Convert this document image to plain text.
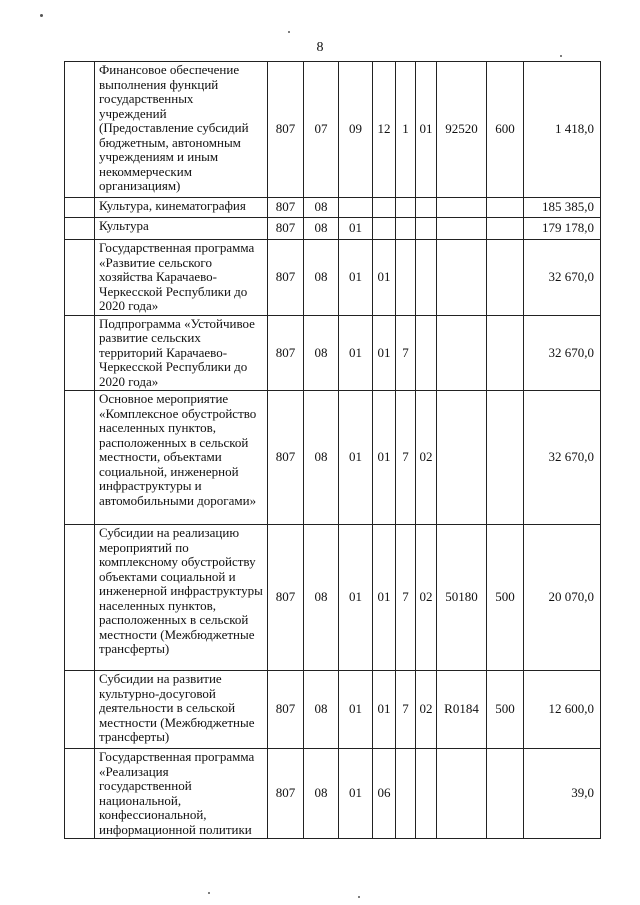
8
	Финансовое обеспечение выполнения функций государственных учреждений (Предоставление субсидий бюджетным, автономным учреждениям и иным некоммерческим организациям)	807	07	09	12	1	01	92520	600	1 418,0
	Культура, кинематография	807	08							185 385,0
	Культура	807	08	01						179 178,0
	Государственная программа «Развитие сельского хозяйства Карачаево-Черкесской Республики до 2020 года»	807	08	01	01					32 670,0
	Подпрограмма «Устойчивое развитие сельских территорий Карачаево-Черкесской Республики до 2020 года»	807	08	01	01	7				32 670,0
	Основное мероприятие «Комплексное обустройство населенных пунктов, расположенных в сельской местности, объектами социальной, инженерной инфраструктуры и автомобильными дорогами»	807	08	01	01	7	02			32 670,0
	Субсидии на реализацию мероприятий по комплексному обустройству объектами социальной и инженерной инфраструктуры населенных пунктов, расположенных в сельской местности (Межбюджетные трансферты)	807	08	01	01	7	02	50180	500	20 070,0
	Субсидии на развитие культурно-досуговой деятельности в сельской местности (Межбюджетные трансферты)	807	08	01	01	7	02	R0184	500	12 600,0
	Государственная программа «Реализация государственной национальной, конфессиональной, информационной политики	807	08	01	06					39,0
